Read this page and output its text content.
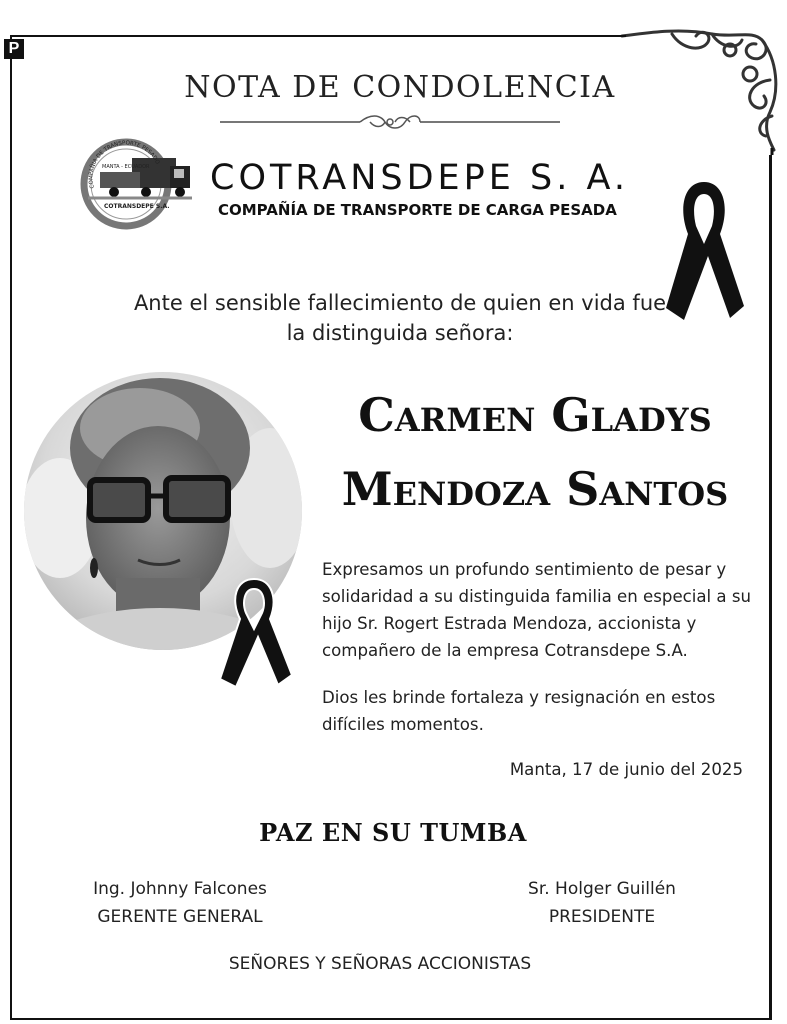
P
NOTA DE CONDOLENCIA
MANTA - ECUADOR
COTRANSDEPE S.A.
COMPAÑIA DE TRANSPORTE PESADO COTRANSDEPE S. A.
COMPAÑÍA DE TRANSPORTE DE CARGA PESADA
Ante el sensible fallecimiento de quien en vida fue
la distinguida señora:
Carmen Gladys
Mendoza Santos
Expresamos un profundo sentimiento de pesar y solidaridad a su distinguida familia en especial a su hijo Sr. Rogert Estrada Mendoza, accionista y compañero de la empresa Cotransdepe S.A.
Dios les brinde fortaleza y resignación en estos difíciles momentos.
Manta, 17 de junio del 2025
PAZ EN SU TUMBA
Ing. Johnny Falcones
GERENTE GENERAL
Sr. Holger Guillén
PRESIDENTE
SEÑORES Y SEÑORAS ACCIONISTAS
